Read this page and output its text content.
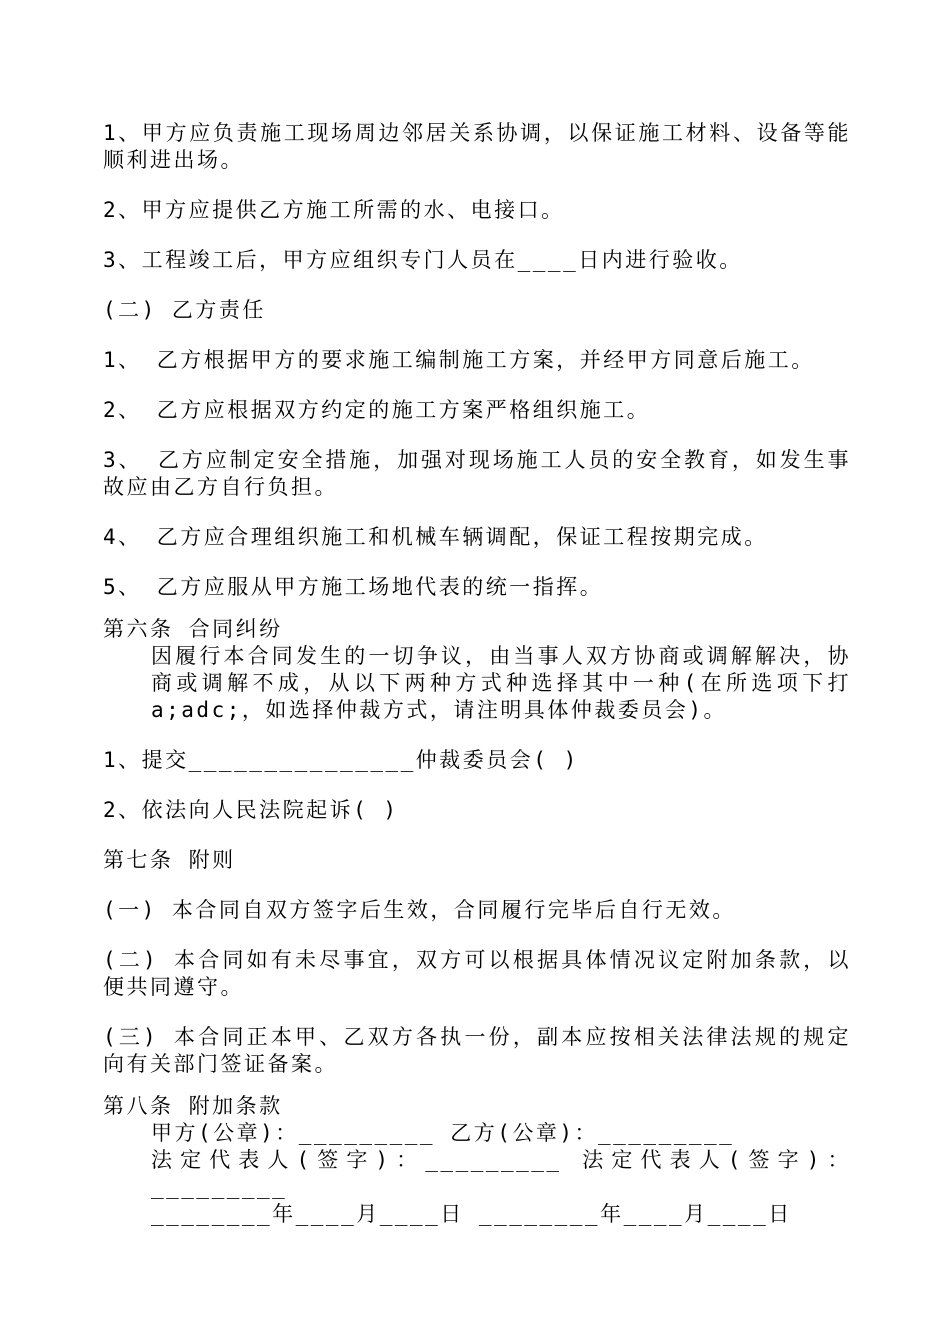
1、甲方应负责施工现场周边邻居关系协调，以保证施工材料、设备等能顺利进出场。

2、甲方应提供乙方施工所需的水、电接口。

3、工程竣工后，甲方应组织专门人员在____日内进行验收。

(二) 乙方责任

1、 乙方根据甲方的要求施工编制施工方案，并经甲方同意后施工。

2、 乙方应根据双方约定的施工方案严格组织施工。

3、 乙方应制定安全措施，加强对现场施工人员的安全教育，如发生事故应由乙方自行负担。

4、 乙方应合理组织施工和机械车辆调配，保证工程按期完成。

5、 乙方应服从甲方施工场地代表的统一指挥。

第六条 合同纠纷

因履行本合同发生的一切争议，由当事人双方协商或调解解决，协商或调解不成，从以下两种方式种选择其中一种(在所选项下打a;adc;，如选择仲裁方式，请注明具体仲裁委员会)。

1、提交_______________仲裁委员会( )

2、依法向人民法院起诉( )

第七条 附则

(一) 本合同自双方签字后生效，合同履行完毕后自行无效。

(二) 本合同如有未尽事宜，双方可以根据具体情况议定附加条款，以便共同遵守。

(三) 本合同正本甲、乙双方各执一份，副本应按相关法律法规的规定向有关部门签证备案。

第八条 附加条款

甲方(公章)：_________ 乙方(公章)：_________

法定代表人(签字)：_________ 法定代表人(签字)：_________

________年____月____日 ________年____月____日
